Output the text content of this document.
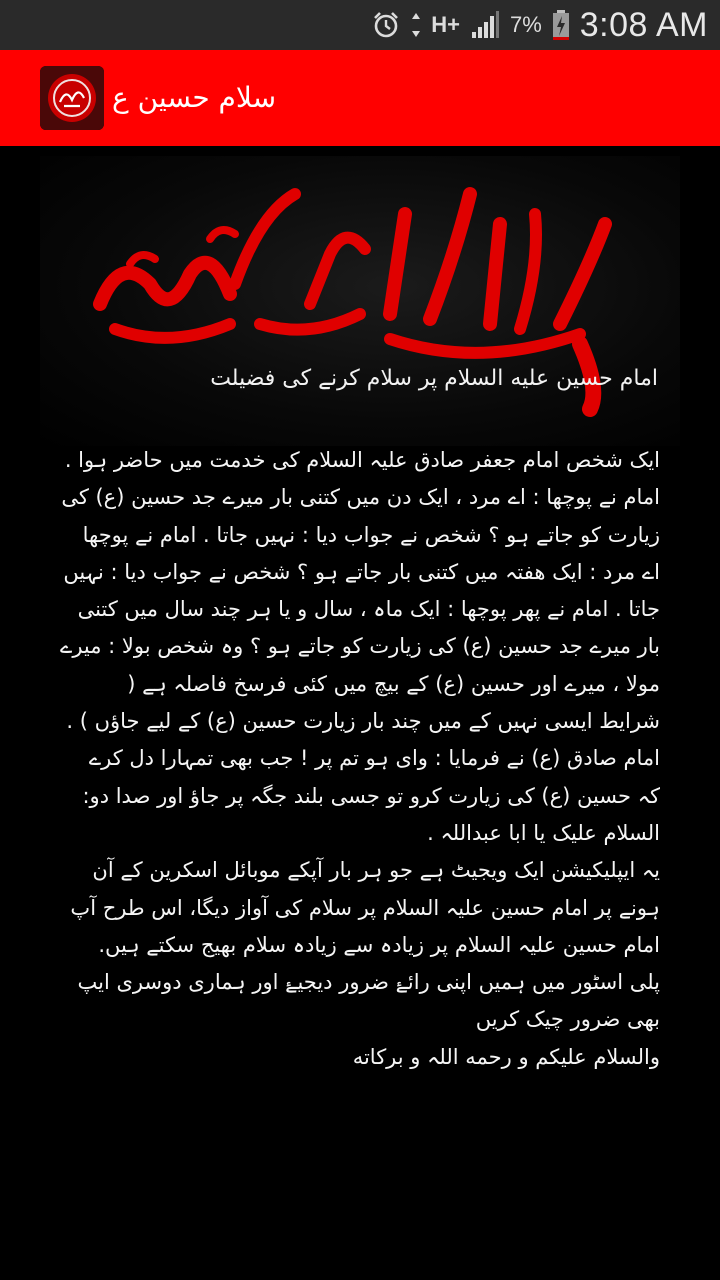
H+ 7% 3:08 AM
سلام حسین ع
امام حسین علیه السلام پر سلام کرنے کی فضیلت

ایک شخص امام جعفر صادق علیہ السلام کی خدمت میں حاضر ہوا . امام نے پوچھا : اے مرد ، ایک دن میں کتنی بار میرے جد حسین (ع) کی زیارت کو جاتے ہو ؟ شخص نے جواب دیا : نہیں جاتا . امام نے پوچھا اے مرد : ایک ھفتہ میں کتنی بار جاتے ہو ؟ شخص نے جواب دیا : نہیں جاتا . امام نے پھر پوچھا : ایک ماہ ، سال و یا ہر چند سال میں کتنی بار میرے جد حسین (ع) کی زیارت کو جاتے ہو ؟ وہ شخص بولا : میرے مولا ، میرے اور حسین (ع) کے بیچ میں کئی فرسخ فاصلہ ہے ( شرایط ایسی نہیں کے میں چند بار زیارت حسین (ع) کے لیے جاؤں ) . امام صادق (ع) نے فرمایا : وای ہو تم پر ! جب بھی تمہارا دل کرے کہ حسین (ع) کی زیارت کرو تو جسی بلند جگہ پر جاؤ اور صدا دو: السلام علیک یا ابا عبداللہ .

یہ ایپلیکیشن ایک ویجیٹ ہے جو ہر بار آپکے موبائل اسکرین کے آن ہونے پر امام حسین علیہ السلام پر سلام کی آواز دیگا، اس طرح آپ امام حسین علیہ السلام پر زیادہ سے زیادہ سلام بھیج سکتے ہیں.

پلی اسٹور میں ہمیں اپنی رائۓ ضرور دیجیۓ اور ہماری دوسری ایپ بھی ضرور چیک کریں

والسلام علیکم و رحمه اللہ و برکاته
